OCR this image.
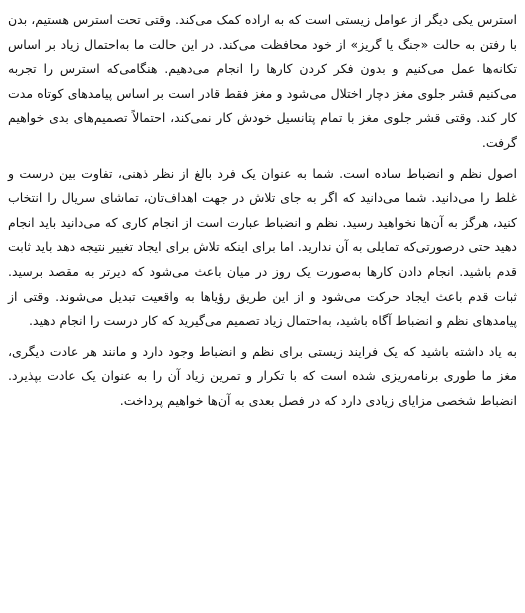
استرس یکی دیگر از عوامل زیستی است که به اراده کمک می‌کند. وقتی تحت استرس هستیم، بدن با رفتن به حالت «جنگ یا گریز» از خود محافظت می‌کند. در این حالت ما به‌احتمال زیاد بر اساس تکانه‌ها عمل می‌کنیم و بدون فکر کردن کارها را انجام می‌دهیم. هنگامی‌که استرس را تجربه می‌کنیم قشر جلوی مغز دچار اختلال می‌شود و مغز فقط قادر است بر اساس پیامدهای کوتاه مدت کار کند. وقتی قشر جلوی مغز با تمام پتانسیل خودش کار نمی‌کند، احتمالاً تصمیم‌های بدی خواهیم گرفت.

اصول نظم و انضباط ساده است. شما به عنوان یک فرد بالغ از نظر ذهنی، تفاوت بین درست و غلط را می‌دانید. شما می‌دانید که اگر به جای تلاش در جهت اهداف‌تان، تماشای سریال را انتخاب کنید، هرگز به آن‌ها نخواهید رسید. نظم و انضباط عبارت است از انجام کاری که می‌دانید باید انجام دهید حتی درصورتی‌که تمایلی به آن ندارید. اما برای اینکه تلاش برای ایجاد تغییر نتیجه دهد باید ثابت قدم باشید. انجام دادن کارها به‌صورت یک روز در میان باعث می‌شود که دیرتر به مقصد برسید. ثبات قدم باعث ایجاد حرکت می‌شود و از این طریق رؤیاها به واقعیت تبدیل می‌شوند. وقتی از پیامدهای نظم و انضباط آگاه باشید، به‌احتمال زیاد تصمیم می‌گیرید که کار درست را انجام دهید.

به یاد داشته باشید که یک فرایند زیستی برای نظم و انضباط وجود دارد و مانند هر عادت دیگری، مغز ما طوری برنامه‌ریزی شده است که با تکرار و تمرین زیاد آن را به عنوان یک عادت بپذیرد. انضباط شخصی مزایای زیادی دارد که در فصل بعدی به آن‌ها خواهیم پرداخت.
